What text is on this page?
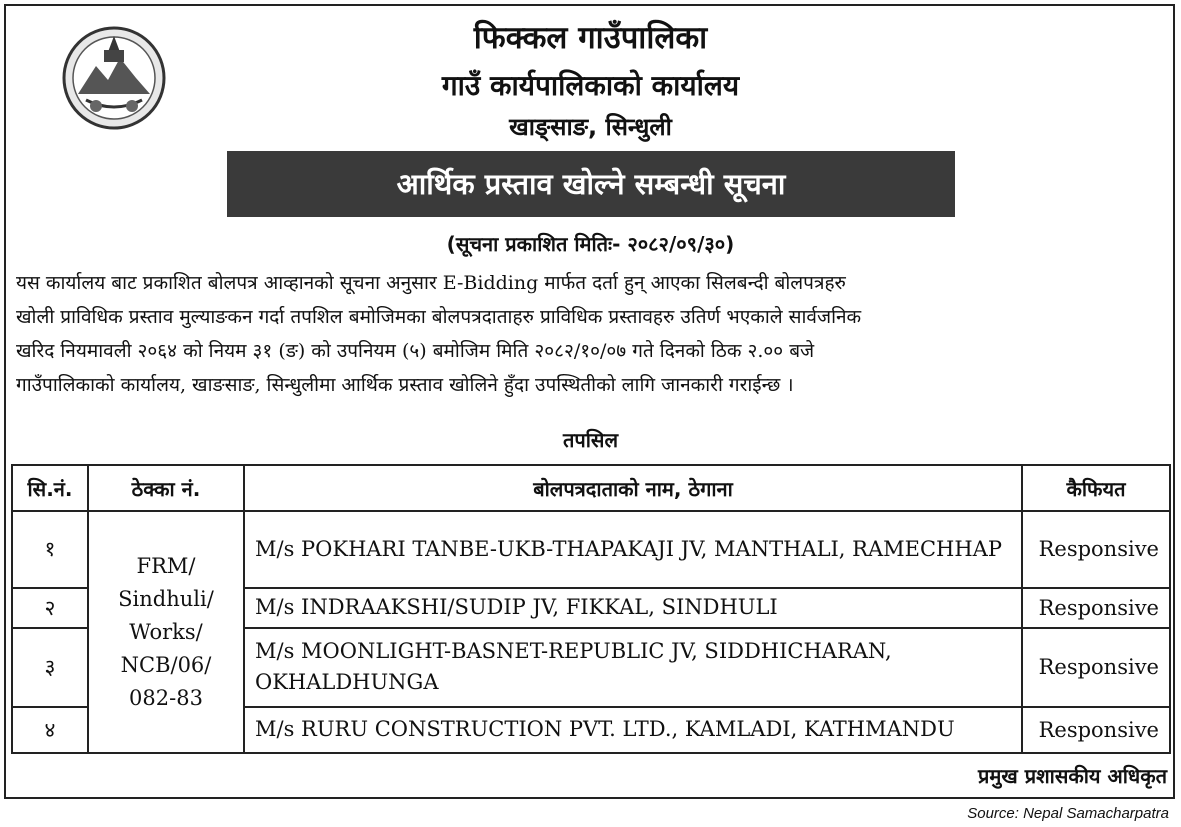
फिक्कल गाउँपालिका
गाउँ कार्यपालिकाको कार्यालय
खाङ्साङ, सिन्धुली
आर्थिक प्रस्ताव खोल्ने सम्बन्धी सूचना
(सूचना प्रकाशित मितिः- २०८२/०९/३०)
यस कार्यालय बाट प्रकाशित बोलपत्र आव्हानको सूचना अनुसार E-Bidding मार्फत दर्ता हुन् आएका सिलबन्दी बोलपत्रहरु
खोली प्राविधिक प्रस्ताव मुल्याङकन गर्दा तपशिल बमोजिमका बोलपत्रदाताहरु प्राविधिक प्रस्तावहरु उतिर्ण भएकाले सार्वजनिक
खरिद नियमावली २०६४ को नियम ३१ (ङ) को उपनियम (५) बमोजिम मिति २०८२/१०/०७ गते दिनको ठिक २.०० बजे
गाउँपालिकाको कार्यालय, खाङसाङ, सिन्धुलीमा आर्थिक प्रस्ताव खोलिने हुँदा उपस्थितीको लागि जानकारी गराईन्छ ।
तपसिल
सि.नं.	ठेक्का नं.	बोलपत्रदाताको नाम, ठेगाना	कैफियत
१	FRM/
Sindhuli/
Works/
NCB/06/
082-83	M/s POKHARI TANBE-UKB-THAPAKAJI JV, MANTHALI, RAMECHHAP	Responsive
२		M/s INDRAAKSHI/SUDIP JV, FIKKAL, SINDHULI	Responsive
३		M/s MOONLIGHT-BASNET-REPUBLIC JV, SIDDHICHARAN, OKHALDHUNGA	Responsive
४		M/s RURU CONSTRUCTION PVT. LTD., KAMLADI, KATHMANDU	Responsive
प्रमुख प्रशासकीय अधिकृत
Source: Nepal Samacharpatra
